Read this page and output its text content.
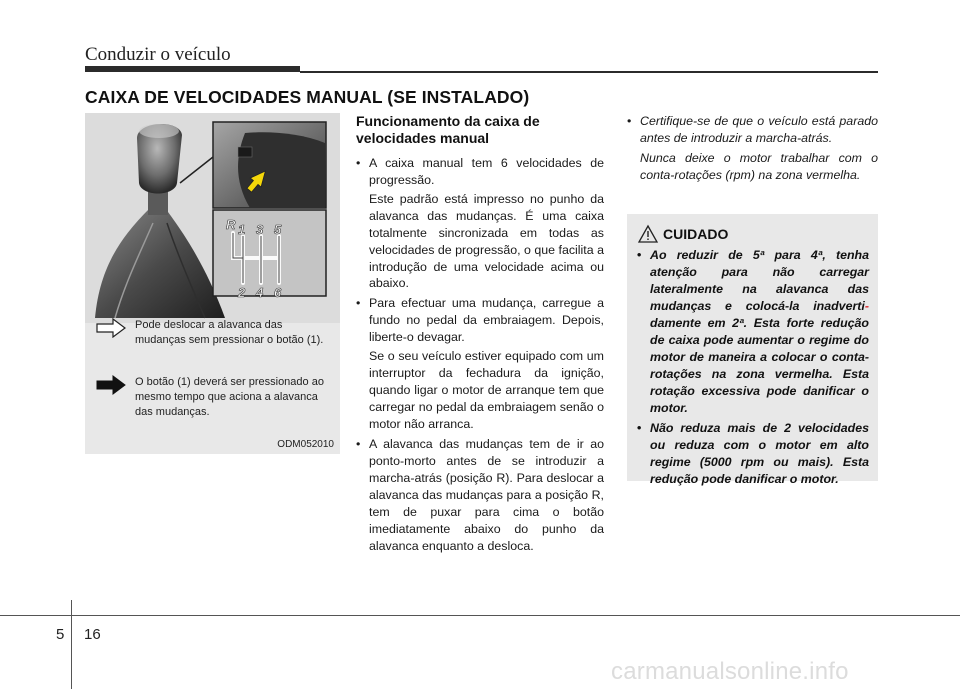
Conduzir o veículo
CAIXA DE VELOCIDADES MANUAL (SE INSTALADO)
R 1 3 5
2 4 6
Pode deslocar a alavanca das mudanças sem pressionar o botão (1).
O botão (1) deverá ser pressionado ao mesmo tempo que aciona a alavanca das mudanças.
ODM052010
Funcionamento da caixa de velocidades manual
• A caixa manual tem 6 velocidades de progressão.

Este padrão está impresso no punho da alavanca das mudanças. É uma caixa totalmente sincronizada em todas as velocidades de progressão, o que facilita a introdução de uma velocidade acima ou abaixo.

• Para efectuar uma mudança, carregue a fundo no pedal da embraiagem. Depois, liberte-o devagar.

Se o seu veículo estiver equipado com um interruptor da fechadura da ignição, quando ligar o motor de arranque tem que carregar no pedal da embraiagem senão o motor não arranca.

• A alavanca das mudanças tem de ir ao ponto-morto antes de se introduzir a marcha-atrás (posição R). Para deslocar a alavanca das mudanças para a posição R, tem de puxar para cima o botão imediatamente abaixo do punho da alavanca enquanto a desloca.

• Certifique-se de que o veículo está parado antes de introduzir a marcha-atrás.

Nunca deixe o motor trabalhar com o conta-rotações (rpm) na zona vermelha.

CUIDADO
• Ao reduzir de 5ª para 4ª, tenha atenção para não carregar lateralmente na alavanca das mudanças e colocá-la inadverti-damente em 2ª. Esta forte redução de caixa pode aumentar o regime do motor de maneira a colocar o conta-rotações na zona vermelha. Esta rotação excessiva pode danificar o motor.
• Não reduza mais de 2 velocidades ou reduza com o motor em alto regime (5000 rpm ou mais). Esta redução pode danificar o motor.
5 16
carmanualsonline.info
